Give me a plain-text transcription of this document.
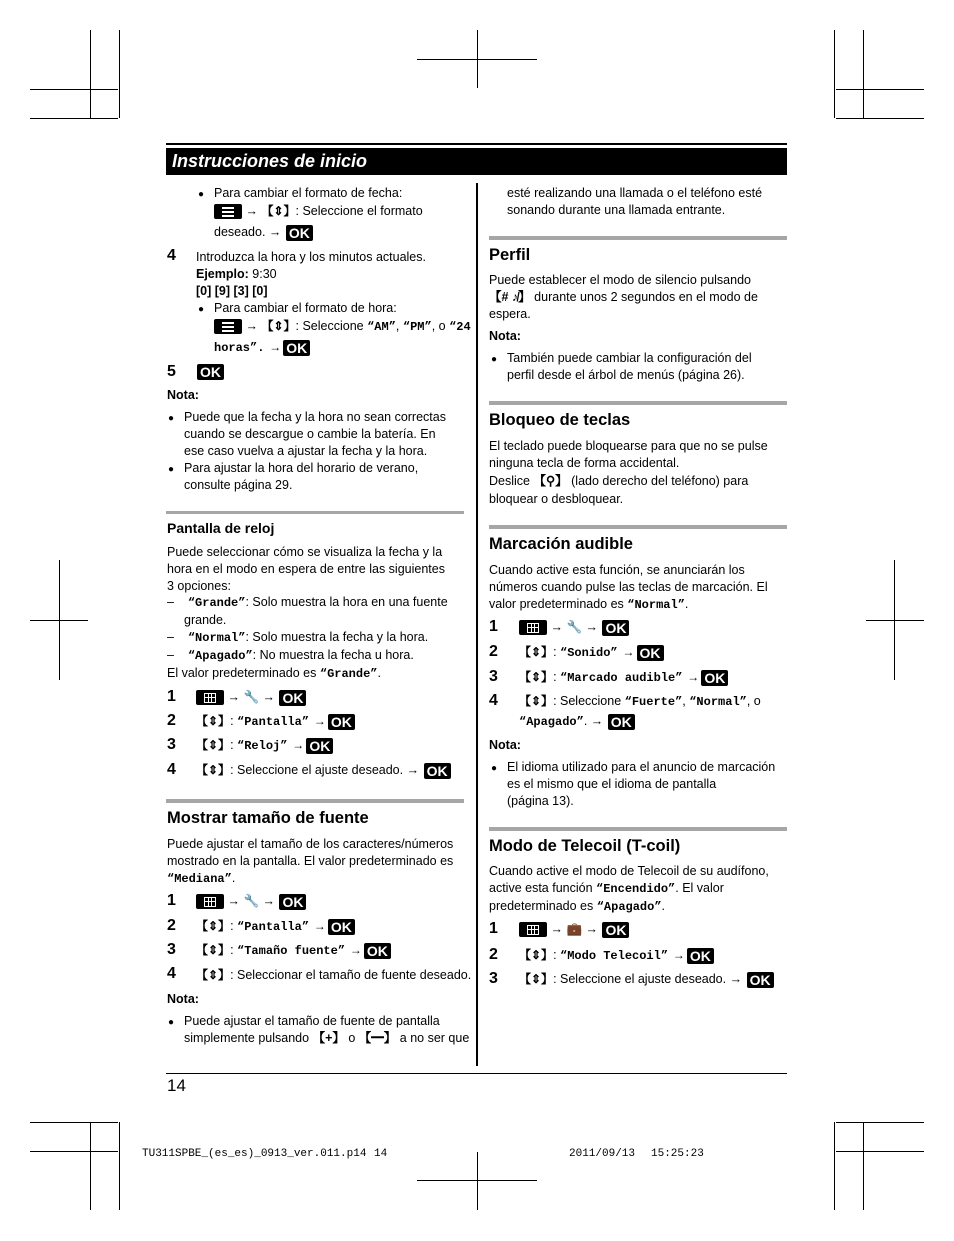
Instrucciones de inicio
● Para cambiar el formato de fecha:
→ 【⇕】: Seleccione el formato
deseado. → OK
4 Introduzca la hora y los minutos actuales.
Ejemplo: 9:30
[0] [9] [3] [0]
● Para cambiar el formato de hora:
→ 【⇕】: Seleccione “AM”, “PM”, o “24
horas”. → OK
5 OK
Nota:
● Puede que la fecha y la hora no sean correctas
cuando se descargue o cambie la batería. En
ese caso vuelva a ajustar la fecha y la hora.
● Para ajustar la hora del horario de verano,
consulte página 29.
Pantalla de reloj
Puede seleccionar cómo se visualiza la fecha y la
hora en el modo en espera de entre las siguientes
3 opciones:
–    “Grande”: Solo muestra la hora en una fuente
grande.
–    “Normal”: Solo muestra la fecha y la hora.
–    “Apagado”: No muestra la fecha u hora.
El valor predeterminado es “Grande”.
1	→ 🔧 → OK
2 【⇕】: “Pantalla” → OK
3 【⇕】: “Reloj” → OK
4 【⇕】: Seleccione el ajuste deseado. → OK
Mostrar tamaño de fuente
Puede ajustar el tamaño de los caracteres/números
mostrado en la pantalla. El valor predeterminado es
“Mediana”.
1	→ 🔧 → OK
2 【⇕】: “Pantalla” → OK
3 【⇕】: “Tamaño fuente” → OK
4 【⇕】: Seleccionar el tamaño de fuente deseado.
Nota:
● Puede ajustar el tamaño de fuente de pantalla
simplemente pulsando 【+】 o 【━】 a no ser que
esté realizando una llamada o el teléfono esté
sonando durante una llamada entrante.
Perfil
Puede establecer el modo de silencio pulsando
【# ♪̸】 durante unos 2 segundos en el modo de
espera.
Nota:
● También puede cambiar la configuración del
perfil desde el árbol de menús (página 26).
Bloqueo de teclas
El teclado puede bloquearse para que no se pulse
ninguna tecla de forma accidental.
Deslice 【⚲】 (lado derecho del teléfono) para
bloquear o desbloquear.
Marcación audible
Cuando active esta función, se anunciarán los
números cuando pulse las teclas de marcación. El
valor predeterminado es “Normal”.
1	→ 🔧 → OK
2 【⇕】: “Sonido” → OK
3 【⇕】: “Marcado audible” → OK
4 【⇕】: Seleccione “Fuerte”, “Normal”, o
“Apagado”. → OK
Nota:
● El idioma utilizado para el anuncio de marcación
es el mismo que el idioma de pantalla
(página 13).
Modo de Telecoil (T-coil)
Cuando active el modo de Telecoil de su audífono,
active esta función “Encendido”. El valor
predeterminado es “Apagado”.
1	→ 💼 → OK
2 【⇕】: “Modo Telecoil” → OK
3 【⇕】: Seleccione el ajuste deseado. → OK
14
TU311SPBE_(es_es)_0913_ver.011.p14 14	2011/09/13 15:25:23
